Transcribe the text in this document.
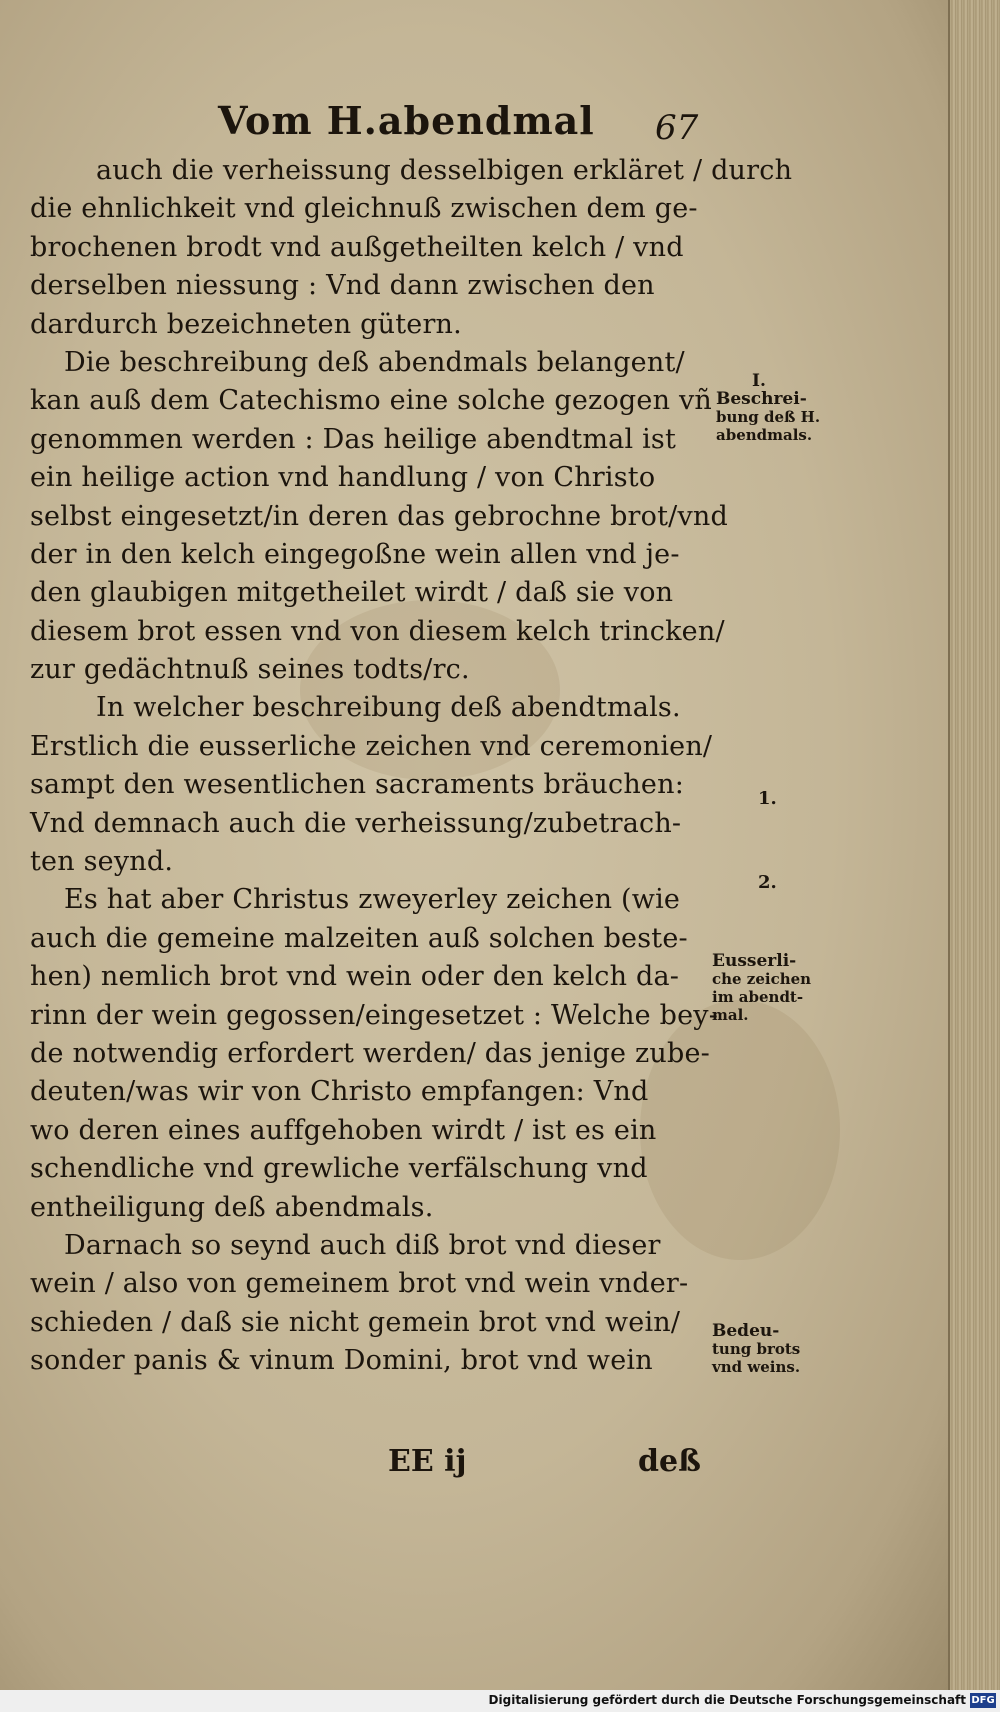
Vom H.abendmal 67
auch die verheissung desselbigen erkläret / durch
die ehnlichkeit vnd gleichnuß zwischen dem ge-
brochenen brodt vnd außgetheilten kelch / vnd
derselben niessung : Vnd dann zwischen den
dardurch bezeichneten gütern.
Die beschreibung deß abendmals belangent/
kan auß dem Catechismo eine solche gezogen vñ
genommen werden : Das heilige abendtmal ist
ein heilige action vnd handlung / von Christo
selbst eingesetzt/in deren das gebrochne brot/vnd
der in den kelch eingegoßne wein allen vnd je-
den glaubigen mitgetheilet wirdt / daß sie von
diesem brot essen vnd von diesem kelch trincken/
zur gedächtnuß seines todts/rc.
In welcher beschreibung deß abendtmals.
Erstlich die eusserliche zeichen vnd ceremonien/
sampt den wesentlichen sacraments bräuchen:
Vnd demnach auch die verheissung/zubetrach-
ten seynd.
Es hat aber Christus zweyerley zeichen (wie
auch die gemeine malzeiten auß solchen beste-
hen) nemlich brot vnd wein oder den kelch da-
rinn der wein gegossen/eingesetzet : Welche bey-
de notwendig erfordert werden/ das jenige zube-
deuten/was wir von Christo empfangen: Vnd
wo deren eines auffgehoben wirdt / ist es ein
schendliche vnd grewliche verfälschung vnd
entheiligung deß abendmals.
Darnach so seynd auch diß brot vnd dieser
wein / also von gemeinem brot vnd wein vnder-
schieden / daß sie nicht gemein brot vnd wein/
sonder panis & vinum Domini, brot vnd wein
I.
Beschrei-
bung deß H.
abendmals.
1.
2.
Eusserli-
che zeichen
im abendt-
mal.
Bedeu-
tung brots
vnd weins.
EE ij	deß
Digitalisierung gefördert durch die Deutsche Forschungsgemeinschaft DFG
